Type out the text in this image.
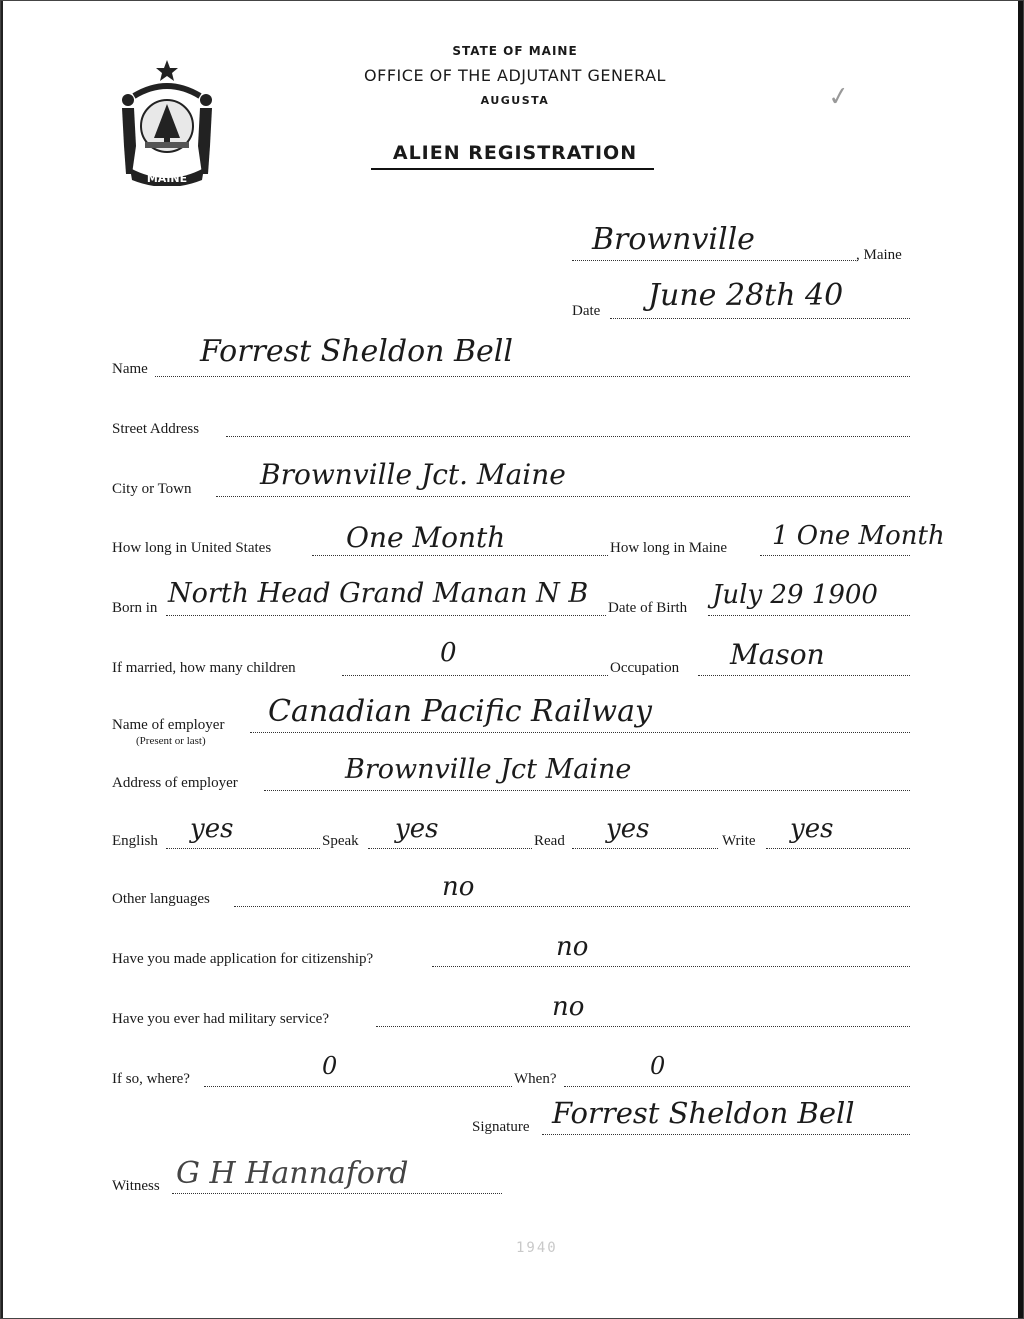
MAINE
STATE OF MAINE
OFFICE OF THE ADJUTANT GENERAL
AUGUSTA
ALIEN REGISTRATION
✓
Brownville	, Maine
Date June 28th 40
Name Forrest Sheldon Bell
Street Address
City or Town Brownville Jct. Maine
How long in United States	One Month	How long in Maine 1 One Month
Born in North Head Grand Manan N B Date of Birth July 29 1900
If married, how many children	0	Occupation Mason
Name of employer
(Present or last)
Canadian Pacific Railway
Address of employer	Brownville Jct Maine
English yes	Speak yes	Read yes	Write yes
Other languages	no
Have you made application for citizenship?	no
Have you ever had military service?	no
If so, where?	0	When?	0
Signature Forrest Sheldon Bell
Witness G H Hannaford
1940
